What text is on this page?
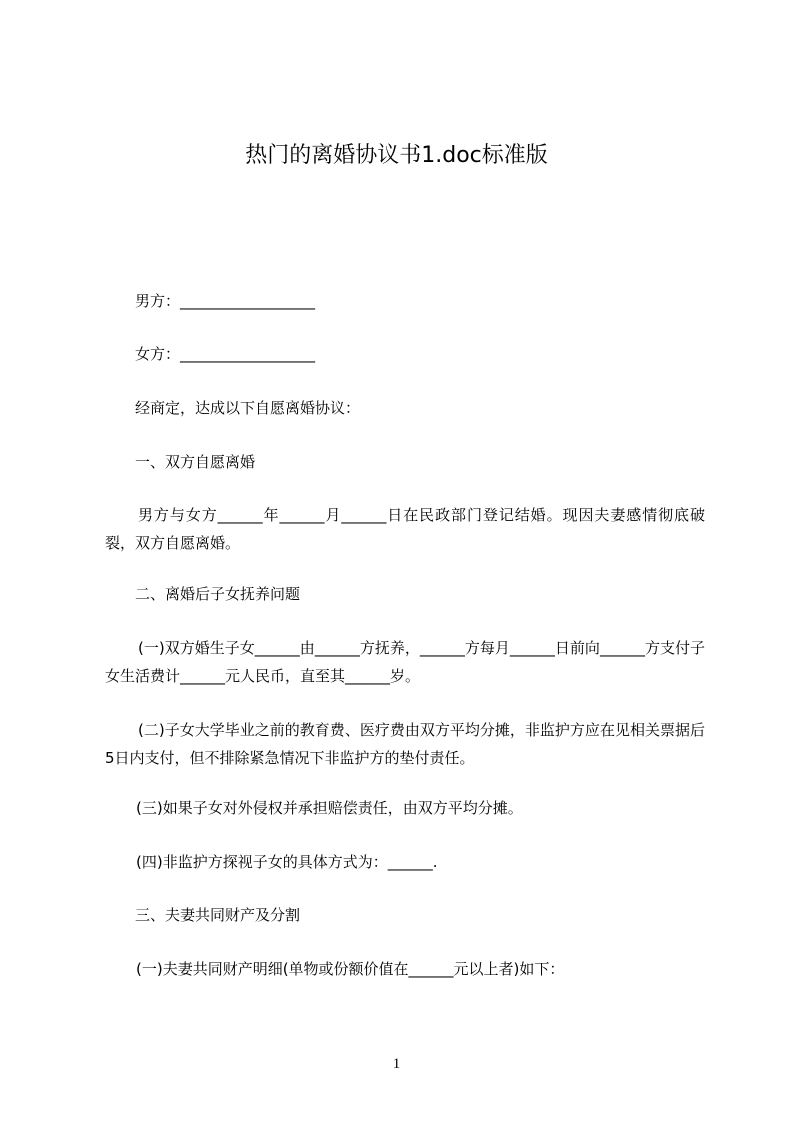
热门的离婚协议书1.doc标准版

男方：__________________

女方：__________________

经商定，达成以下自愿离婚协议：

一、双方自愿离婚

男方与女方______年______月______日在民政部门登记结婚。现因夫妻感情彻底破裂，双方自愿离婚。

二、离婚后子女抚养问题

(一)双方婚生子女______由______方抚养，______方每月______日前向______方支付子女生活费计______元人民币，直至其______岁。

(二)子女大学毕业之前的教育费、医疗费由双方平均分摊，非监护方应在见相关票据后5日内支付，但不排除紧急情况下非监护方的垫付责任。

(三)如果子女对外侵权并承担赔偿责任，由双方平均分摊。

(四)非监护方探视子女的具体方式为：______.

三、夫妻共同财产及分割

(一)夫妻共同财产明细(单物或份额价值在______元以上者)如下：

1
